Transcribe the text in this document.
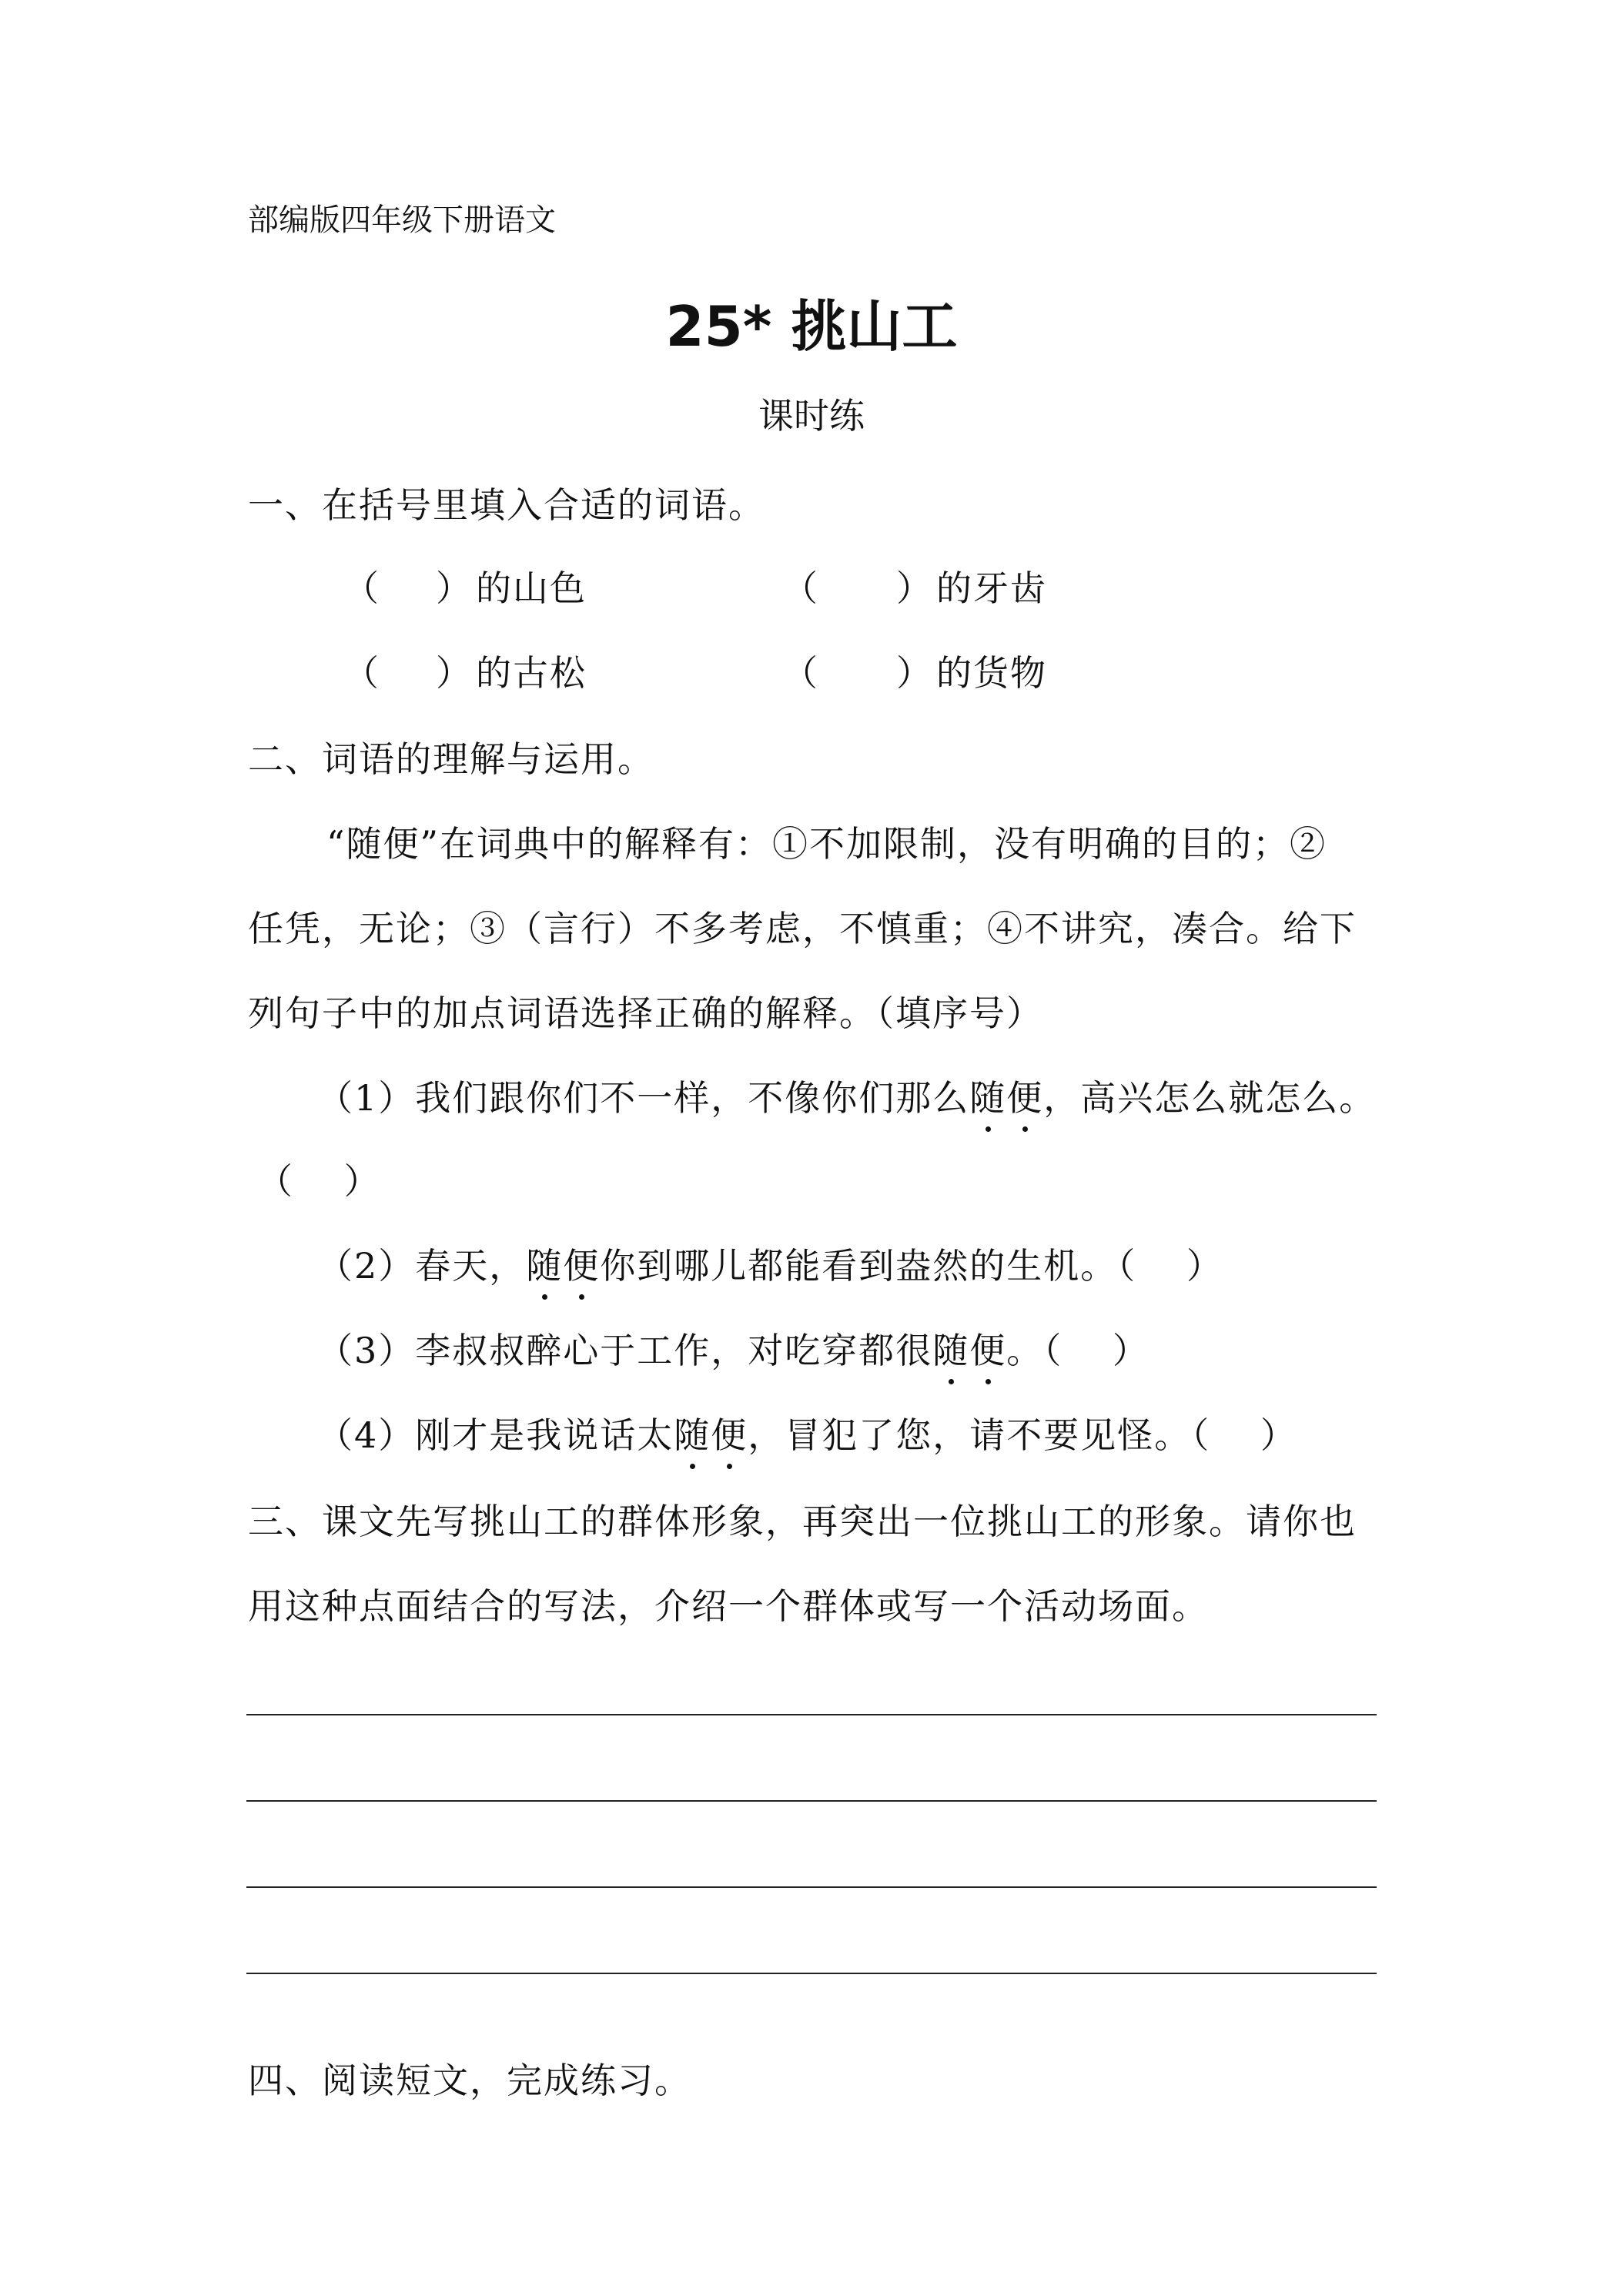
部编版四年级下册语文
25* 挑山工
课时练
一、在括号里填入合适的词语。
（ ） 的山色	（ ） 的牙齿
（ ） 的古松	（ ） 的货物
二、词语的理解与运用。
“随便”在词典中的解释有：①不加限制，没有明确的目的；②
任凭，无论；③（言行）不多考虑，不慎重；④不讲究，凑合。给下
列句子中的加点词语选择正确的解释。（填序号）
（1）我们跟你们不一样，不像你们那么随便，高兴怎么就怎么。
（　 ）
（2）春天，随便你到哪儿都能看到盎然的生机。（　 ）
（3）李叔叔醉心于工作，对吃穿都很随便。（　 ）
（4）刚才是我说话太随便，冒犯了您，请不要见怪。（　 ）
三、课文先写挑山工的群体形象，再突出一位挑山工的形象。请你也
用这种点面结合的写法，介绍一个群体或写一个活动场面。
四、阅读短文，完成练习。
